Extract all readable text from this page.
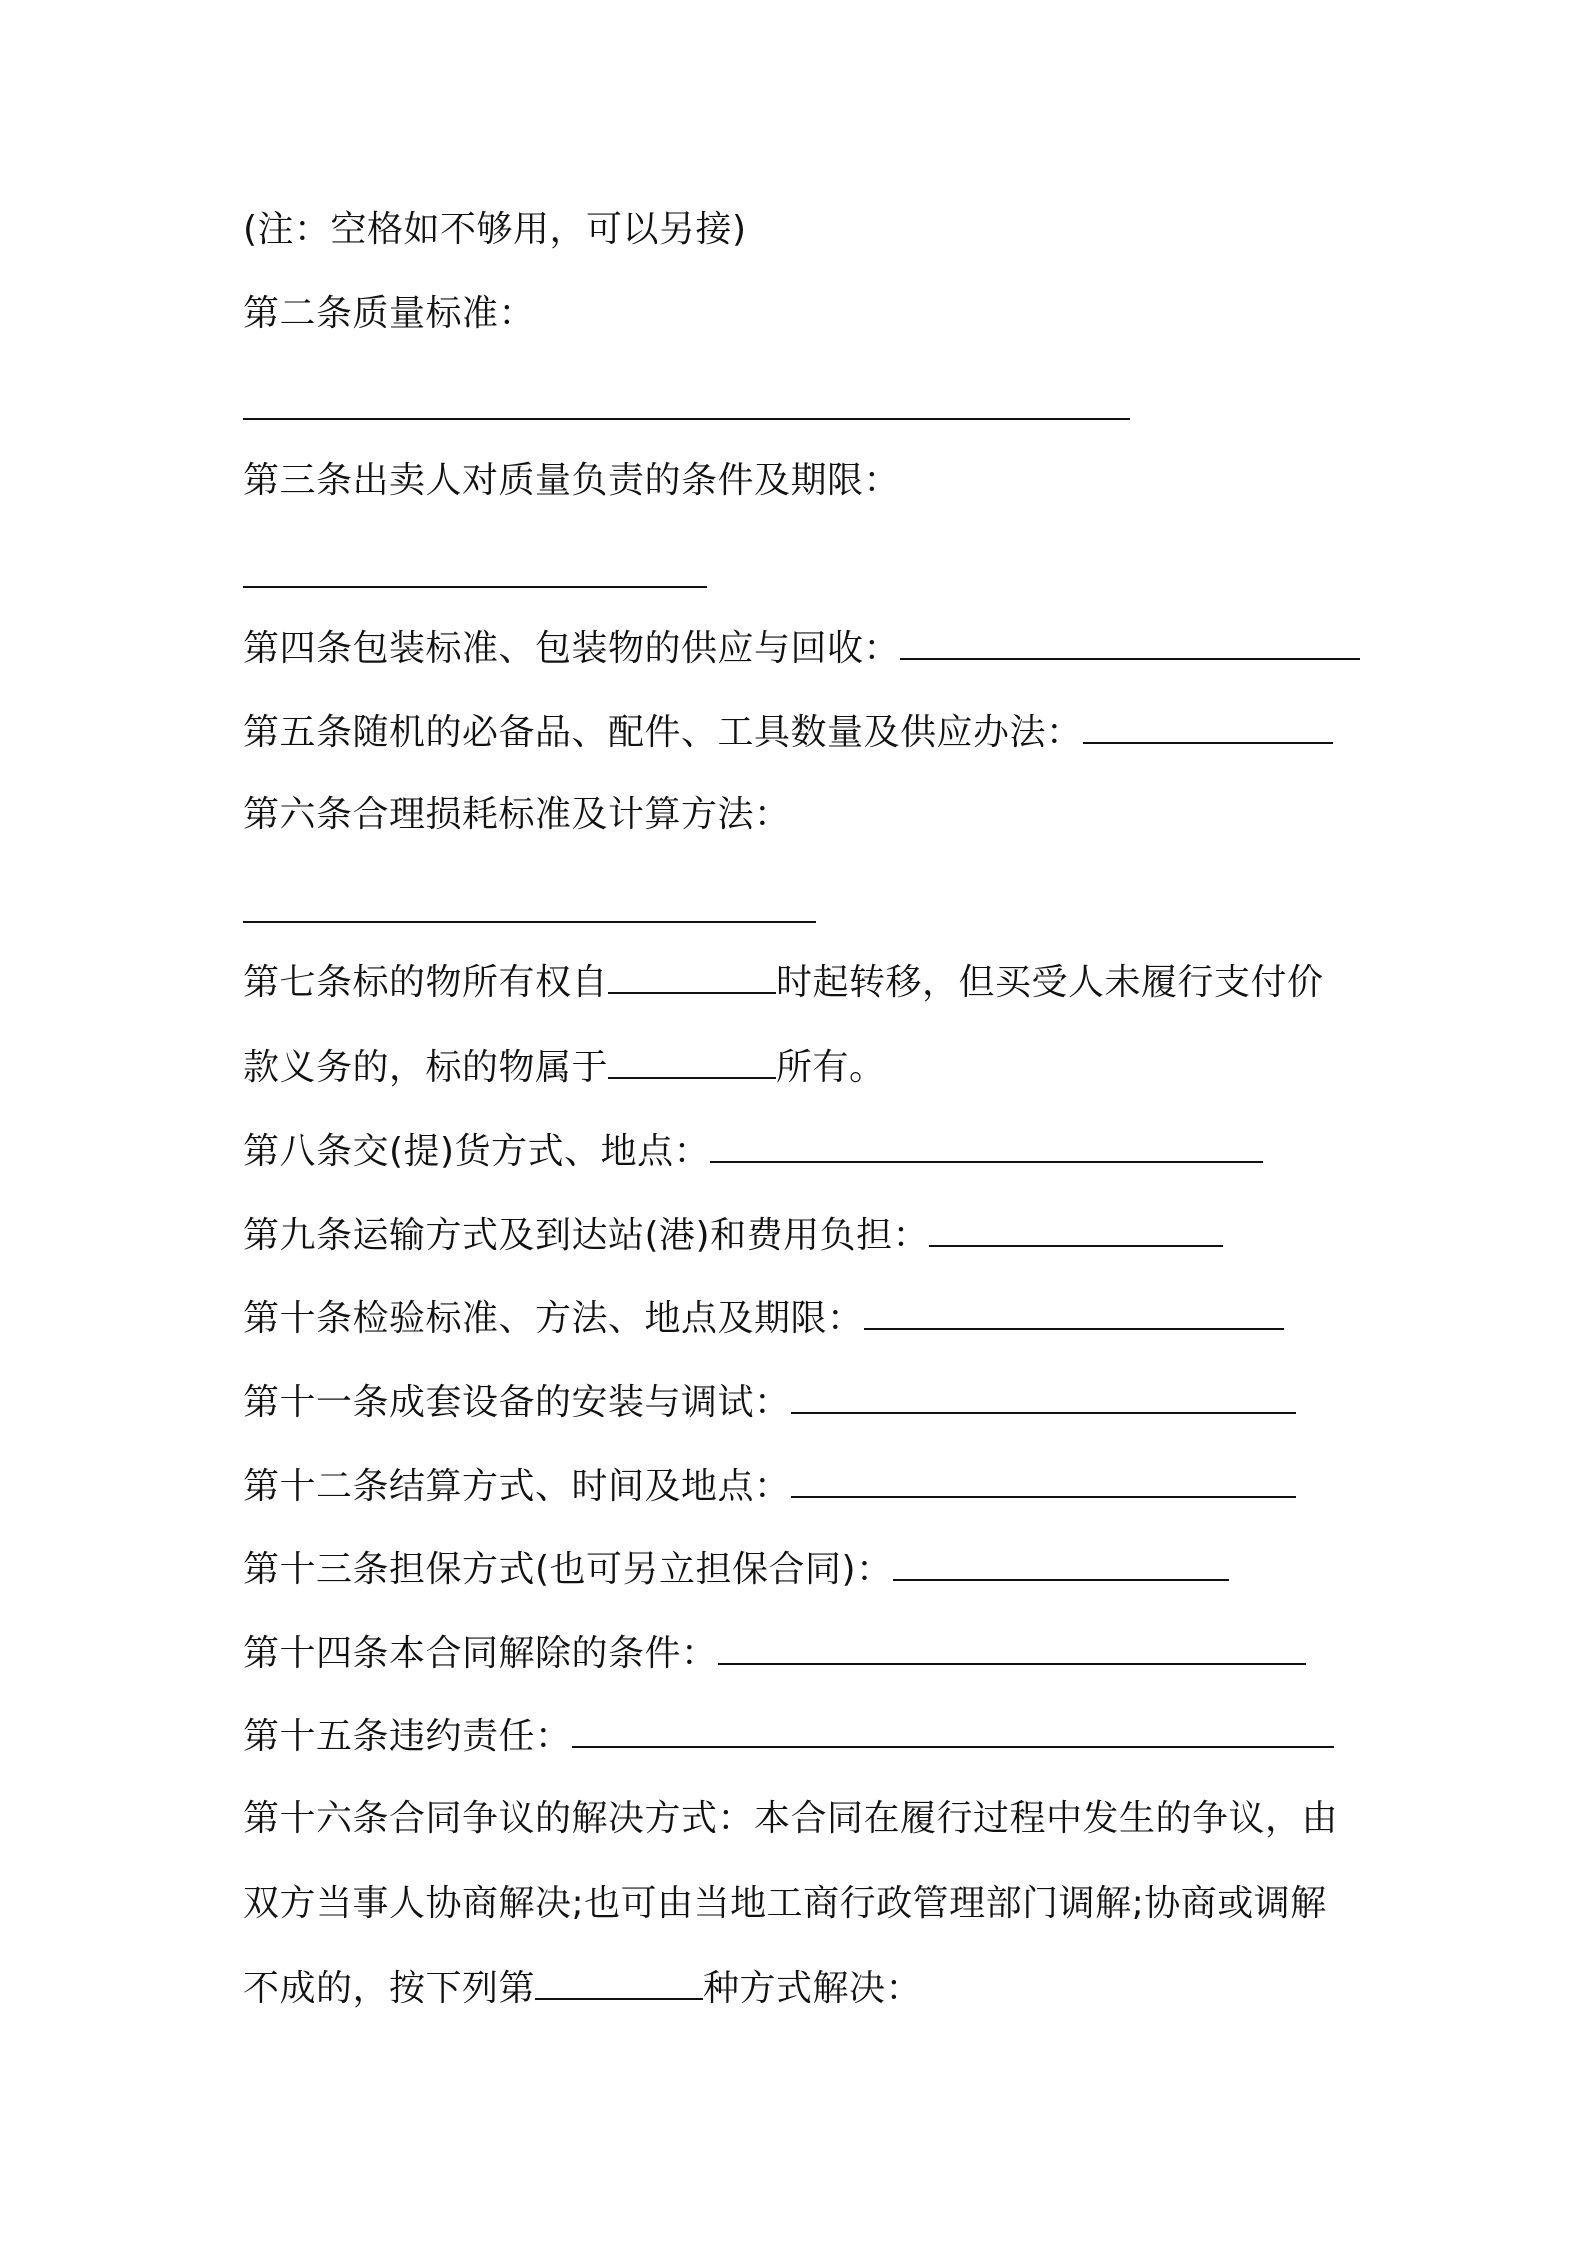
(注：空格如不够用，可以另接)
第二条质量标准：
第三条出卖人对质量负责的条件及期限：
第四条包装标准、包装物的供应与回收：
第五条随机的必备品、配件、工具数量及供应办法：
第六条合理损耗标准及计算方法：
第七条标的物所有权自	时起转移，但买受人未履行支付价
款义务的，标的物属于	所有。
第八条交(提)货方式、地点：
第九条运输方式及到达站(港)和费用负担：
第十条检验标准、方法、地点及期限：
第十一条成套设备的安装与调试：
第十二条结算方式、时间及地点：
第十三条担保方式(也可另立担保合同)：
第十四条本合同解除的条件：
第十五条违约责任：
第十六条合同争议的解决方式：本合同在履行过程中发生的争议，由
双方当事人协商解决;也可由当地工商行政管理部门调解;协商或调解
不成的，按下列第	种方式解决：
